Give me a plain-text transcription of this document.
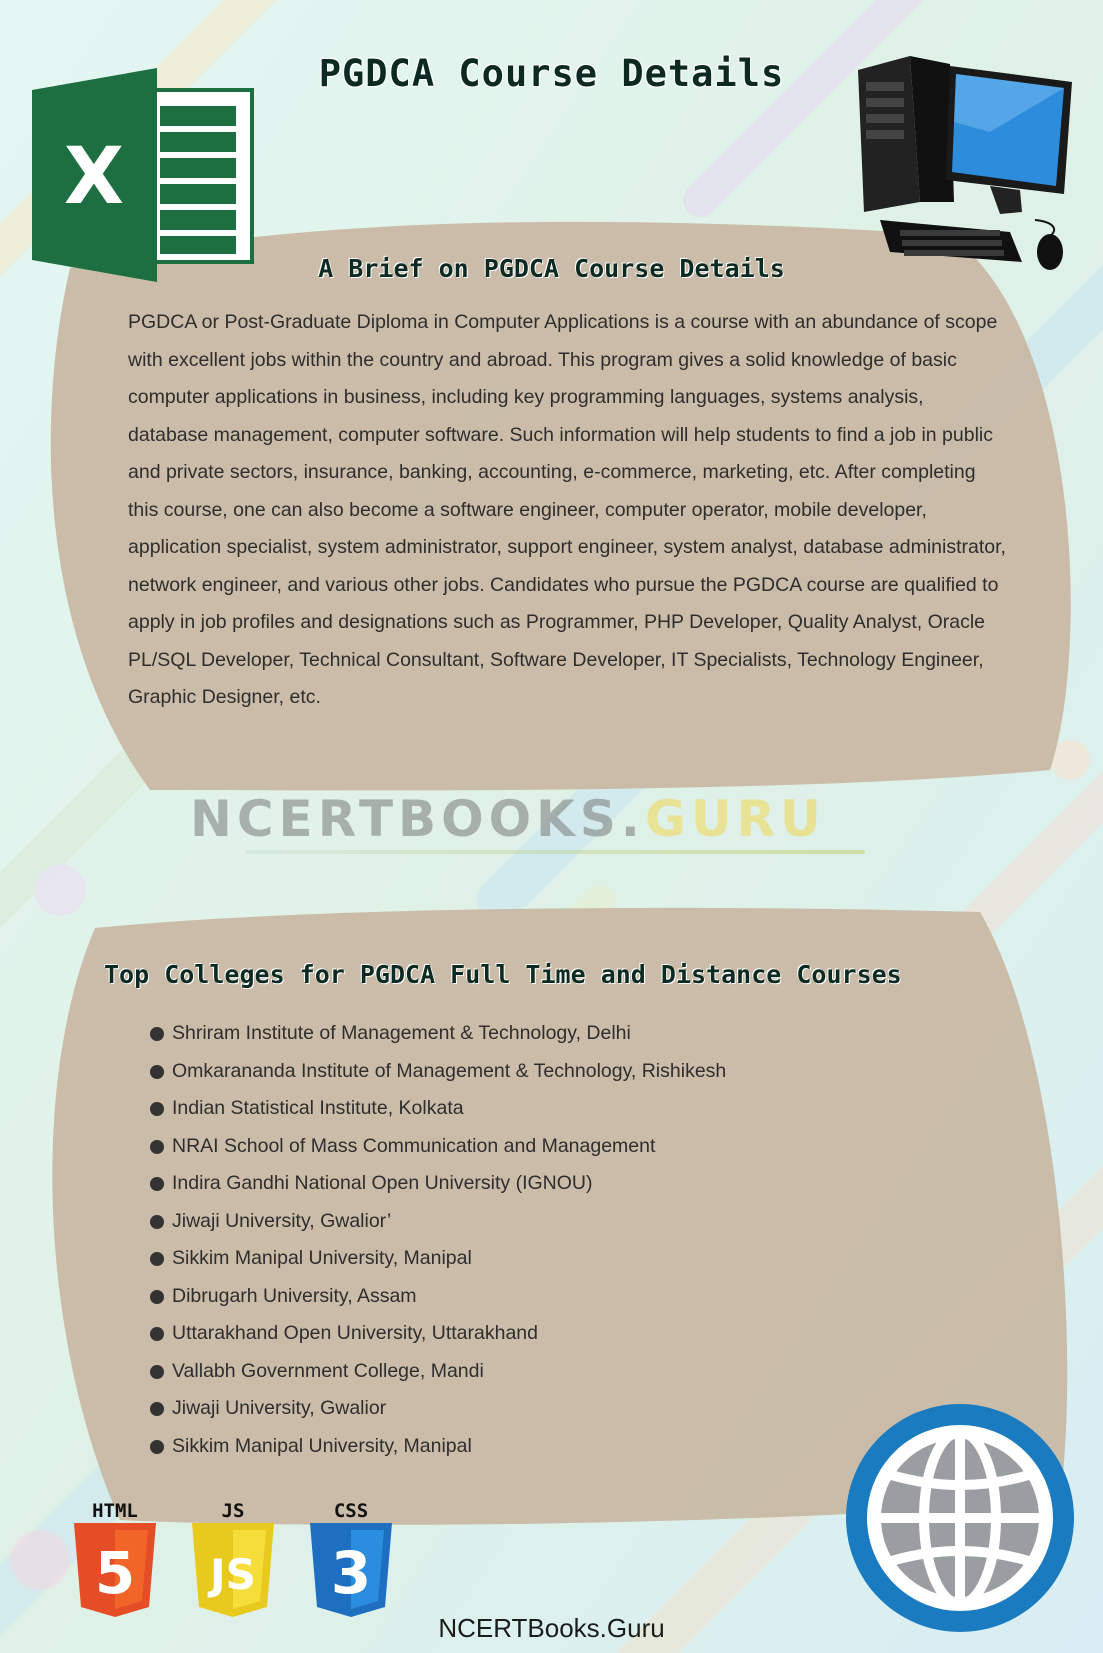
X
PGDCA Course Details
A Brief on PGDCA Course Details

PGDCA or Post-Graduate Diploma in Computer Applications is a course with an abundance of scope with excellent jobs within the country and abroad. This program gives a solid knowledge of basic computer applications in business, including key programming languages, systems analysis, database management, computer software. Such information will help students to find a job in public and private sectors, insurance, banking, accounting, e-commerce, marketing, etc. After completing this course, one can also become a software engineer, computer operator, mobile developer, application specialist, system administrator, support engineer, system analyst, database administrator, network engineer, and various other jobs. Candidates who pursue the PGDCA course are qualified to apply in job profiles and designations such as Programmer, PHP Developer, Quality Analyst, Oracle PL/SQL Developer, Technical Consultant, Software Developer, IT Specialists, Technology Engineer, Graphic Designer, etc.

NCERTBOOKS.GURU
Top Colleges for PGDCA Full Time and Distance Courses
Shriram Institute of Management & Technology, Delhi
Omkarananda Institute of Management & Technology, Rishikesh
Indian Statistical Institute, Kolkata
NRAI School of Mass Communication and Management
Indira Gandhi National Open University (IGNOU)
Jiwaji University, Gwalior’
Sikkim Manipal University, Manipal
Dibrugarh University, Assam
Uttarakhand Open University, Uttarakhand
Vallabh Government College, Mandi
Jiwaji University, Gwalior
Sikkim Manipal University, Manipal
HTML
5
JS
JS
CSS
3
NCERTBooks.Guru
